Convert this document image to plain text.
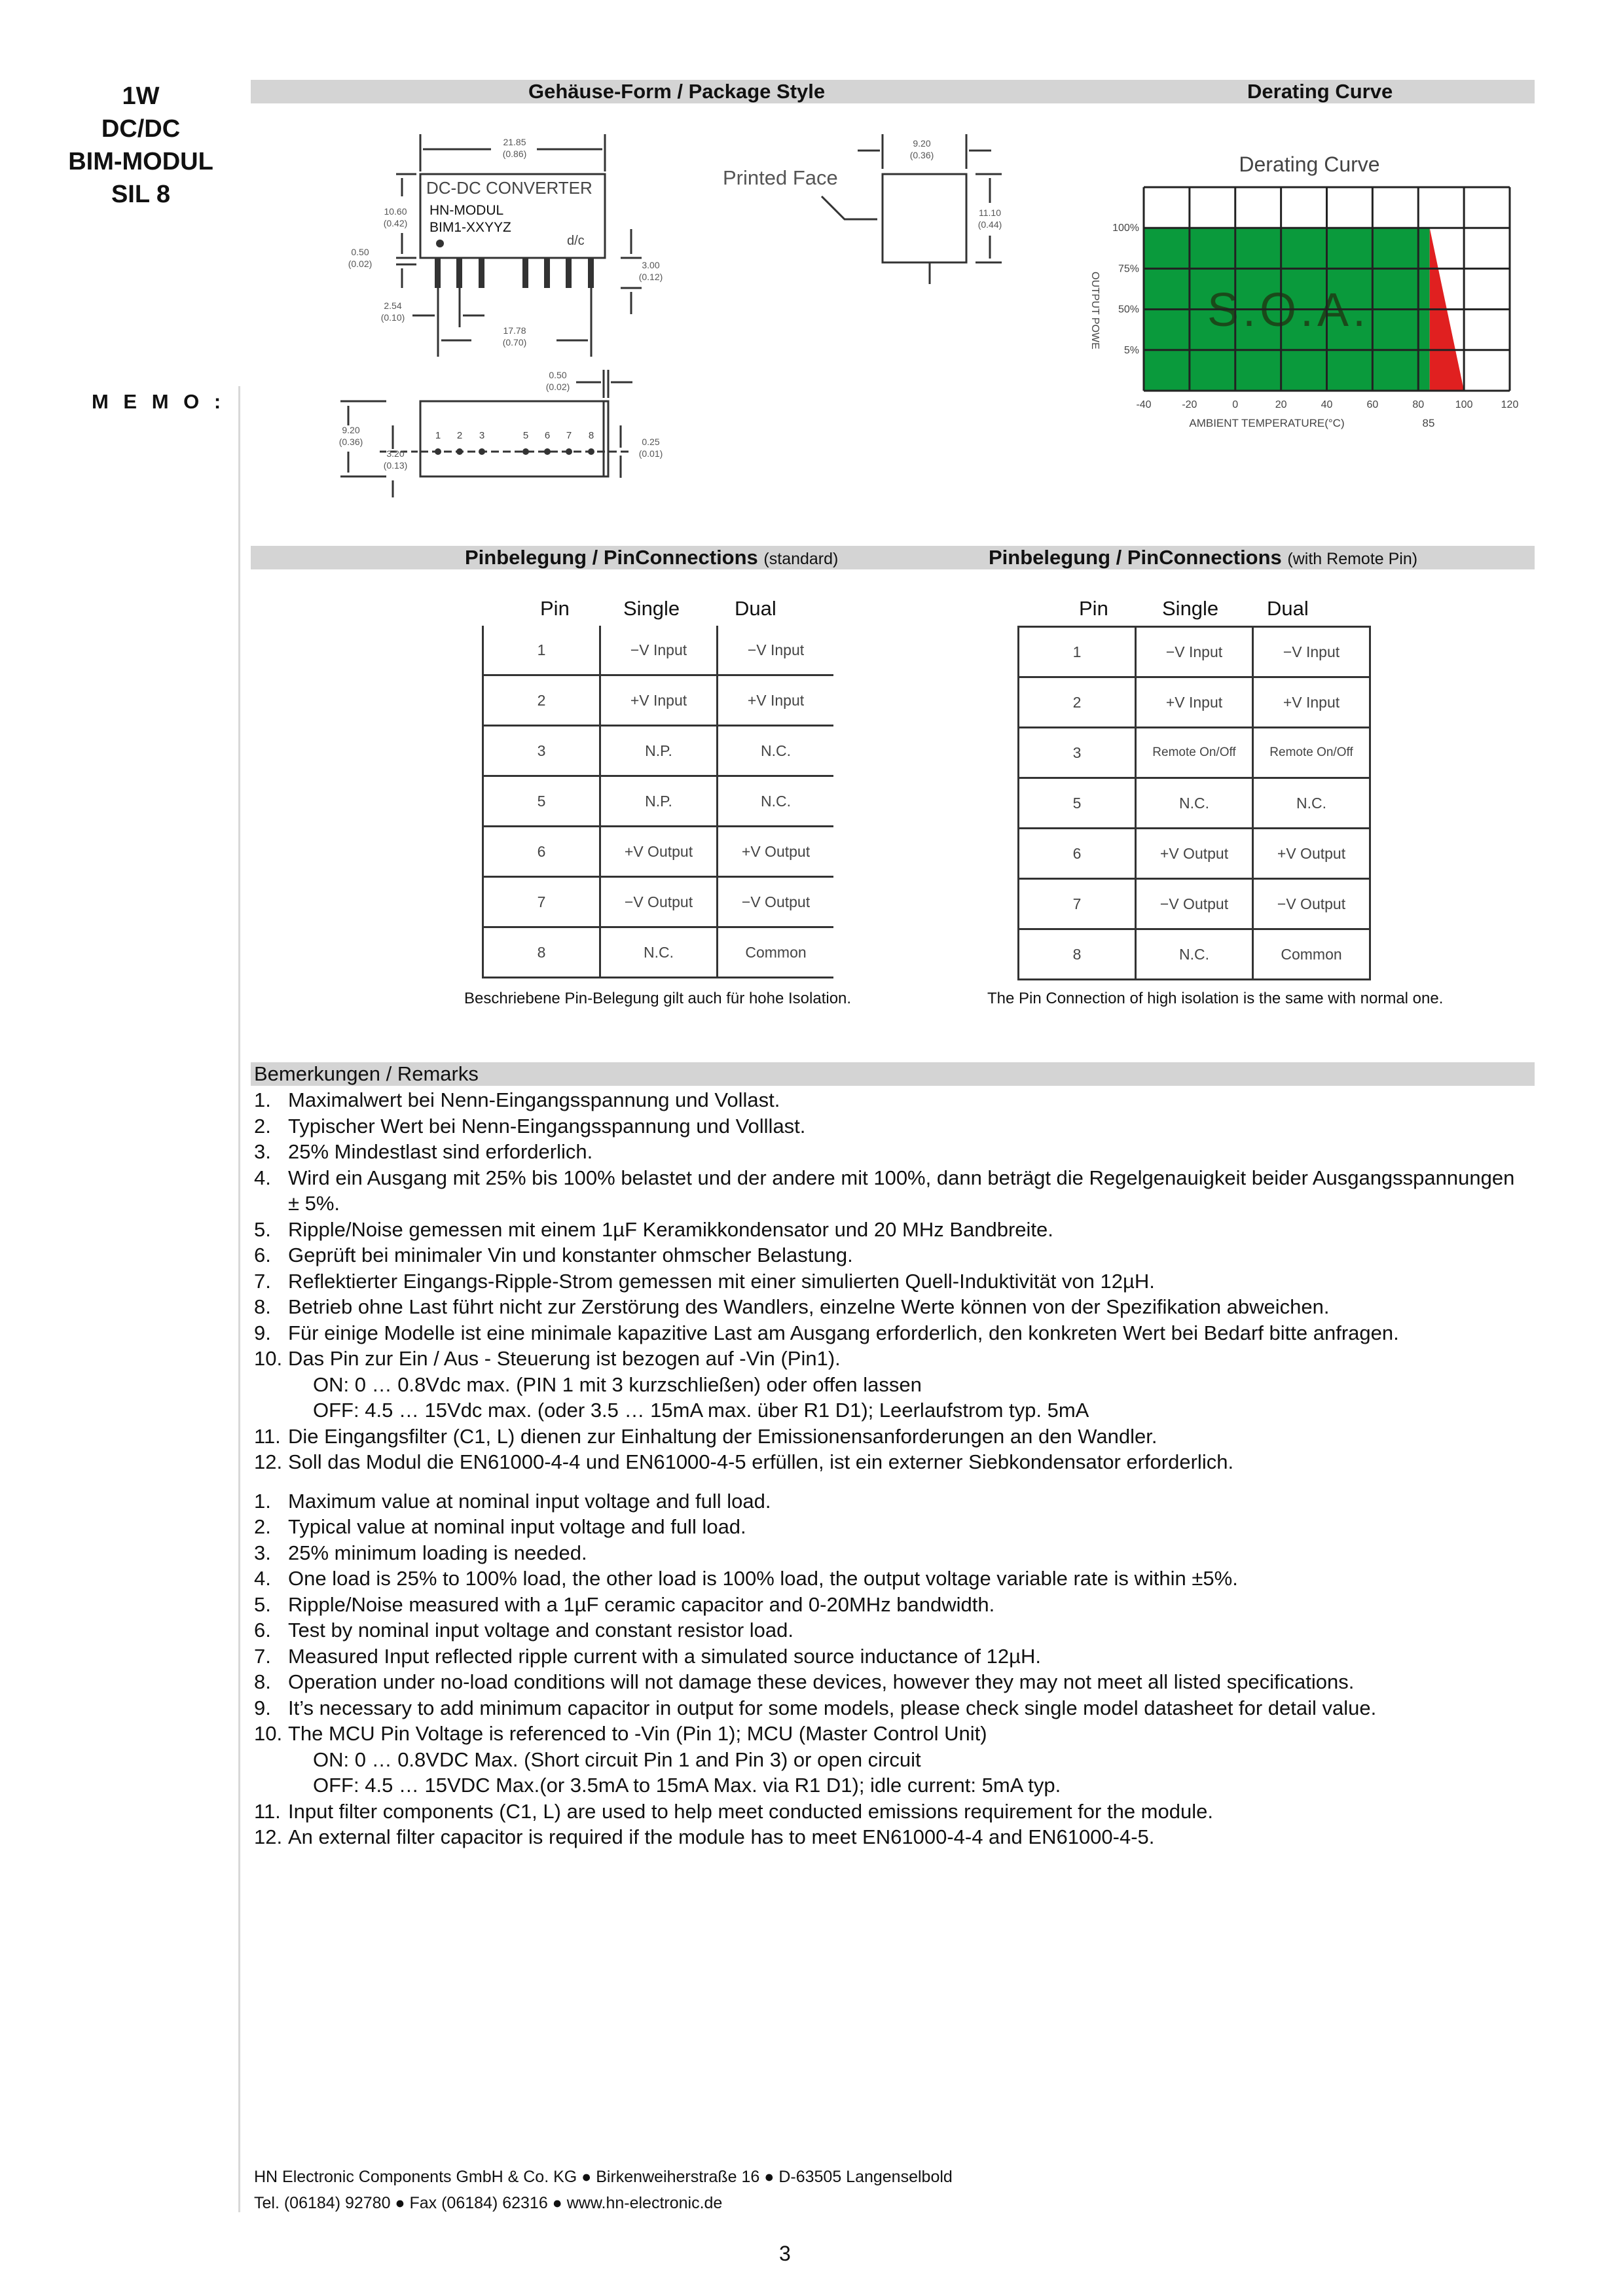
1W
DC/DC
BIM-MODUL
SIL 8
M E M O :
Gehäuse-Form / Package Style	Derating Curve
21.85
(0.86)
10.60
(0.42)
0.50
(0.02)	3.00
(0.12)
2.54
(0.10)
17.78
(0.70)
9.20
(0.36)
11.10
(0.44)
0.50
(0.02)
9.20
(0.36)
3.20
(0.13)
0.25
(0.01)
1 2 3	5 6 7 8
DC-DC CONVERTER
HN-MODUL
BIM1-XXYYZ
d/c
Printed Face
Derating Curve
S.O.A.
-40	-20	0	20	40	60	80	100	120
100%
75%
50%
5%
OUTPUT POWE
AMBIENT TEMPERATURE(°C)	85
Pinbelegung / PinConnections (standard)	Pinbelegung / PinConnections (with Remote Pin)
Pin	Single	Dual
1	−V Input	−V Input
2	+V Input	+V Input
3	N.P.	N.C.
5	N.P.	N.C.
6	+V Output	+V Output
7	−V Output	−V Output
8	N.C.	Common
Beschriebene Pin-Belegung gilt auch für hohe Isolation.
Pin	Single Dual
1	−V Input	−V Input
2	+V Input	+V Input
3	Remote On/Off	Remote On/Off
5	N.C.	N.C.
6	+V Output	+V Output
7	−V Output	−V Output
8	N.C.	Common
The Pin Connection of high isolation is the same with normal one.
Bemerkungen / Remarks
1. Maximalwert bei Nenn-Eingangsspannung und Vollast.
2. Typischer Wert bei Nenn-Eingangsspannung und Volllast.
3. 25% Mindestlast sind erforderlich.
4. Wird ein Ausgang mit 25% bis 100% belastet und der andere mit 100%, dann beträgt die Regelgenauigkeit beider Ausgangsspannungen ± 5%.
5. Ripple/Noise gemessen mit einem 1µF Keramikkondensator und 20 MHz Bandbreite.
6. Geprüft bei minimaler Vin und konstanter ohmscher Belastung.
7. Reflektierter Eingangs-Ripple-Strom gemessen mit einer simulierten Quell-Induktivität von 12µH.
8. Betrieb ohne Last führt nicht zur Zerstörung des Wandlers, einzelne Werte können von der Spezifikation abweichen.
9. Für einige Modelle ist eine minimale kapazitive Last am Ausgang erforderlich, den konkreten Wert bei Bedarf bitte anfragen.
10. Das Pin zur Ein / Aus - Steuerung ist bezogen auf -Vin (Pin1).
ON: 0 … 0.8Vdc max. (PIN 1 mit 3 kurzschließen) oder offen lassen
OFF: 4.5 … 15Vdc max. (oder 3.5 … 15mA max. über R1 D1); Leerlaufstrom typ. 5mA
11. Die Eingangsfilter (C1, L) dienen zur Einhaltung der Emissionensanforderungen an den Wandler.
12. Soll das Modul die EN61000-4-4 und EN61000-4-5 erfüllen, ist ein externer Siebkondensator erforderlich.
1. Maximum value at nominal input voltage and full load.
2. Typical value at nominal input voltage and full load.
3. 25% minimum loading is needed.
4. One load is 25% to 100% load, the other load is 100% load, the output voltage variable rate is within ±5%.
5. Ripple/Noise measured with a 1µF ceramic capacitor and 0-20MHz bandwidth.
6. Test by nominal input voltage and constant resistor load.
7. Measured Input reflected ripple current with a simulated source inductance of 12µH.
8. Operation under no-load conditions will not damage these devices, however they may not meet all listed specifications.
9. It’s necessary to add minimum capacitor in output for some models, please check single model datasheet for detail value.
10. The MCU Pin Voltage is referenced to -Vin (Pin 1); MCU (Master Control Unit)
ON: 0 … 0.8VDC Max. (Short circuit Pin 1 and Pin 3) or open circuit
OFF: 4.5 … 15VDC Max.(or 3.5mA to 15mA Max. via R1 D1); idle current: 5mA typ.
11. Input filter components (C1, L) are used to help meet conducted emissions requirement for the module.
12. An external filter capacitor is required if the module has to meet EN61000-4-4 and EN61000-4-5.
HN Electronic Components GmbH & Co. KG ● Birkenweiherstraße 16 ● D-63505 Langenselbold
Tel. (06184) 92780 ● Fax (06184) 62316 ● www.hn-electronic.de
3
